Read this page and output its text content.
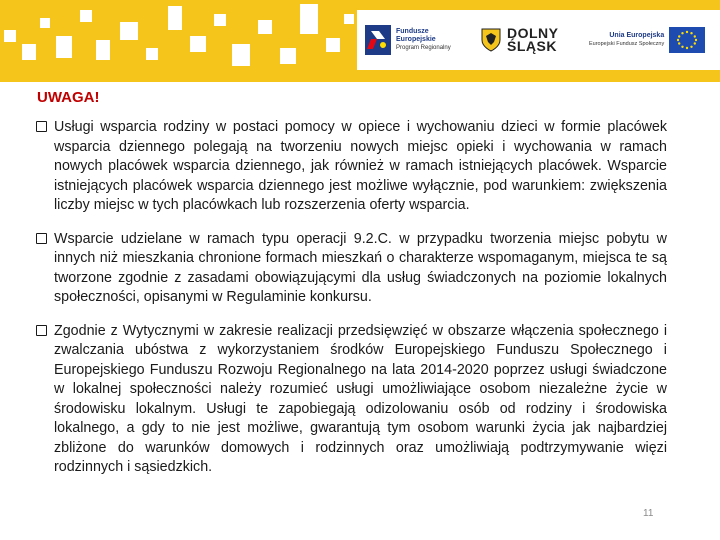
Fundusze
Europejskie
Program Regionalny
DOLNY
ŚLĄSK
Unia Europejska
Europejski Fundusz Społeczny
UWAGA!
Usługi wsparcia rodziny w postaci pomocy w opiece i wychowaniu dzieci w formie placówek wsparcia dziennego polegają na tworzeniu nowych miejsc opieki i wychowania w ramach nowych placówek wsparcia dziennego, jak również w ramach istniejących placówek. Wsparcie istniejących placówek wsparcia dziennego jest możliwe wyłącznie, pod warunkiem: zwiększenia liczby miejsc w tych placówkach lub rozszerzenia oferty wsparcia.
Wsparcie udzielane w ramach typu operacji 9.2.C. w przypadku tworzenia miejsc pobytu w innych niż mieszkania chronione formach mieszkań o charakterze wspomaganym, miejsca te są tworzone zgodnie z zasadami obowiązującymi dla usług świadczonych na poziomie lokalnych społeczności, opisanymi w Regulaminie konkursu.
Zgodnie z Wytycznymi w zakresie realizacji przedsięwzięć w obszarze włączenia społecznego i zwalczania ubóstwa z wykorzystaniem środków Europejskiego Funduszu Społecznego i Europejskiego Funduszu Rozwoju Regionalnego na lata 2014-2020 poprzez usługi świadczone w lokalnej społeczności należy rozumieć usługi umożliwiające osobom niezależne życie w środowisku lokalnym. Usługi te zapobiegają odizolowaniu osób od rodziny i środowiska lokalnego, a gdy to nie jest możliwe, gwarantują tym osobom warunki życia jak najbardziej zbliżone do warunków domowych i rodzinnych oraz umożliwiają podtrzymywanie więzi rodzinnych i sąsiedzkich.
11
